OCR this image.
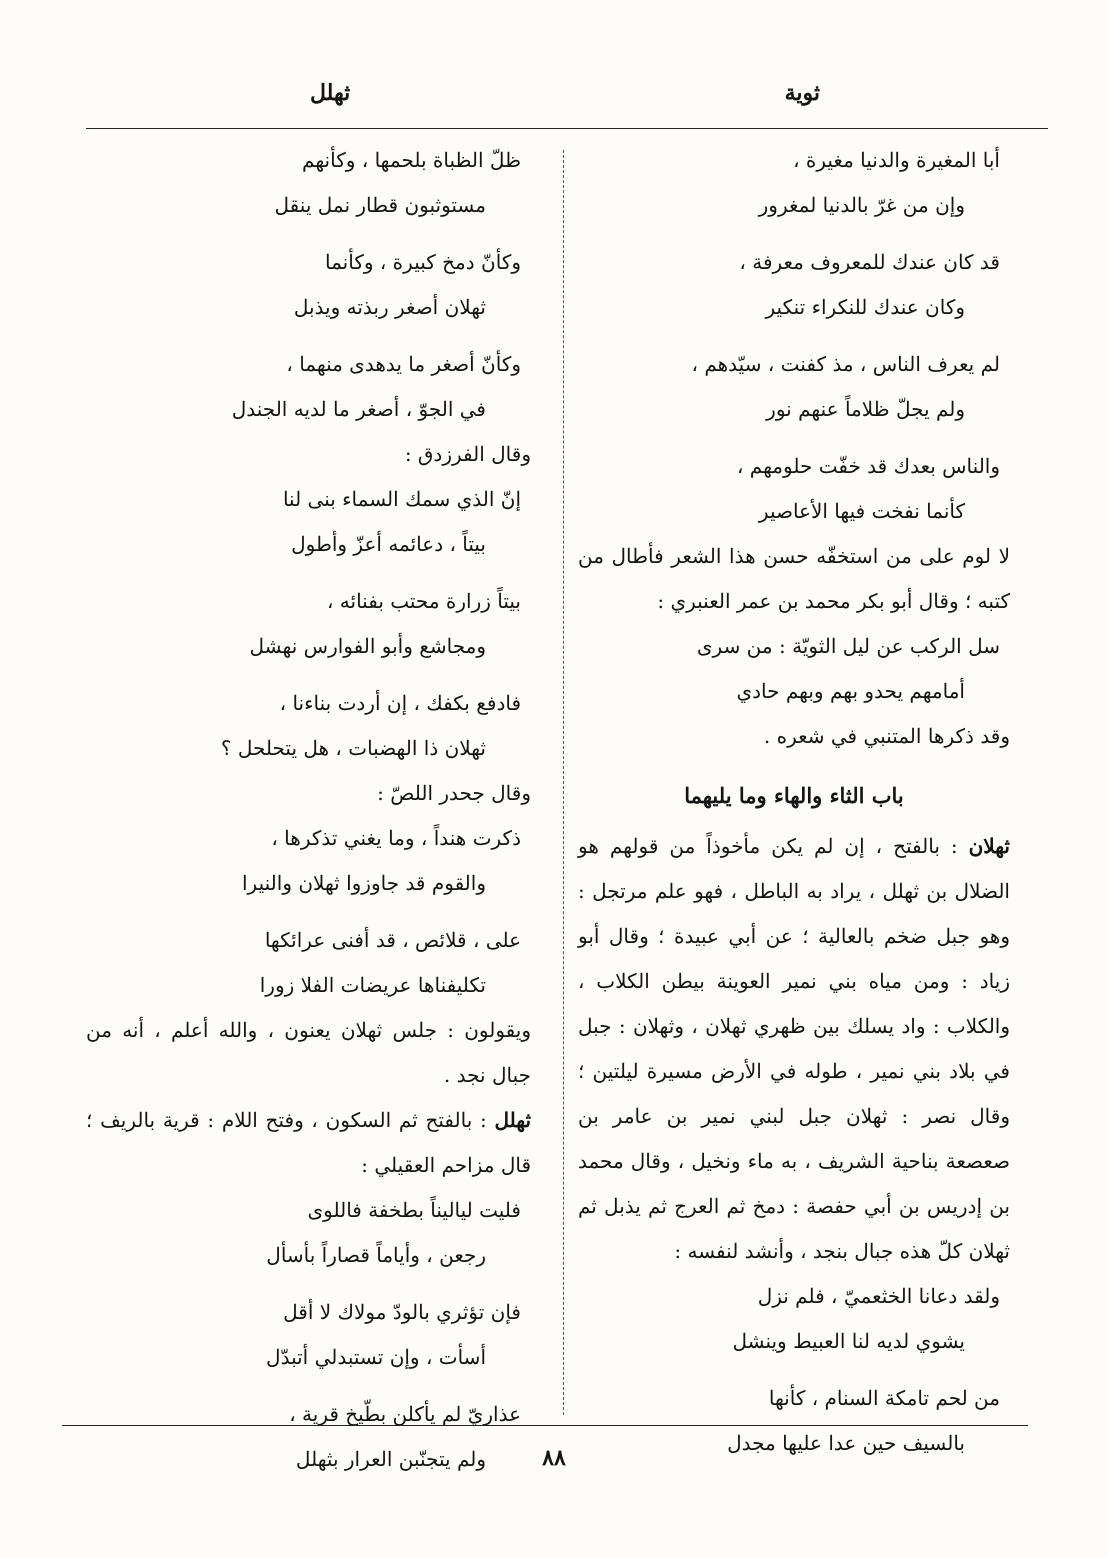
ثوية
ثهلل

أبا المغيرة والدنيا مغيرة ،

وإن من غرّ بالدنيا لمغرور

قد كان عندك للمعروف معرفة ،

وكان عندك للنكراء تنكير

لم يعرف الناس ، مذ كفنت ، سيّدهم ،

ولم يجلّ ظلاماً عنهم نور

والناس بعدك قد خفّت حلومهم ،

كأنما نفخت فيها الأعاصير

لا لوم على من استخفّه حسن هذا الشعر فأطال من كتبه ؛ وقال أبو بكر محمد بن عمر العنبري :

سل الركب عن ليل الثويّة : من سرى

أمامهم يحدو بهم وبهم حادي

وقد ذكرها المتنبي في شعره .

باب الثاء والهاء وما يليهما

ثهلان : بالفتح ، إن لم يكن مأخوذاً من قولهم هو الضلال بن ثهلل ، يراد به الباطل ، فهو علم مرتجل : وهو جبل ضخم بالعالية ؛ عن أبي عبيدة ؛ وقال أبو زياد : ومن مياه بني نمير العوينة بيطن الكلاب ، والكلاب : واد يسلك بين ظهري ثهلان ، وثهلان : جبل في بلاد بني نمير ، طوله في الأرض مسيرة ليلتين ؛ وقال نصر : ثهلان جبل لبني نمير بن عامر بن صعصعة بناحية الشريف ، به ماء ونخيل ، وقال محمد بن إدريس بن أبي حفصة : دمخ ثم العرج ثم يذبل ثم ثهلان كلّ هذه جبال بنجد ، وأنشد لنفسه :

ولقد دعانا الخثعميّ ، فلم نزل

يشوي لديه لنا العبيط وينشل

من لحم تامكة السنام ، كأنها

بالسيف حين عدا عليها مجدل

ظلّ الظباة بلحمها ، وكأنهم

مستوثبون قطار نمل ينقل

وكأنّ دمخ كبيرة ، وكأنما

ثهلان أصغر ربذته ويذبل

وكأنّ أصغر ما يدهدى منهما ،

في الجوّ ، أصغر ما لديه الجندل

وقال الفرزدق :

إنّ الذي سمك السماء بنى لنا

بيتاً ، دعائمه أعزّ وأطول

بيتاً زرارة محتب بفنائه ،

ومجاشع وأبو الفوارس نهشل

فادفع بكفك ، إن أردت بناءنا ،

ثهلان ذا الهضبات ، هل يتحلحل ؟

وقال جحدر اللصّ :

ذكرت هنداً ، وما يغني تذكرها ،

والقوم قد جاوزوا ثهلان والنيرا

على ، قلائص ، قد أفنى عرائكها

تكليفناها عريضات الفلا زورا

ويقولون : جلس ثهلان يعنون ، والله أعلم ، أنه من جبال نجد .

ثهلل : بالفتح ثم السكون ، وفتح اللام : قرية بالريف ؛ قال مزاحم العقيلي :

فليت لياليناً بطخفة فاللوى

رجعن ، وأياماً قصاراً بأسأل

فإن تؤثري بالودّ مولاك لا أقل

أسأت ، وإن تستبدلي أتبدّل

عذاريّ لم يأكلن بطّيخ قرية ،

ولم يتجنّبن العرار بثهلل	٨٨
